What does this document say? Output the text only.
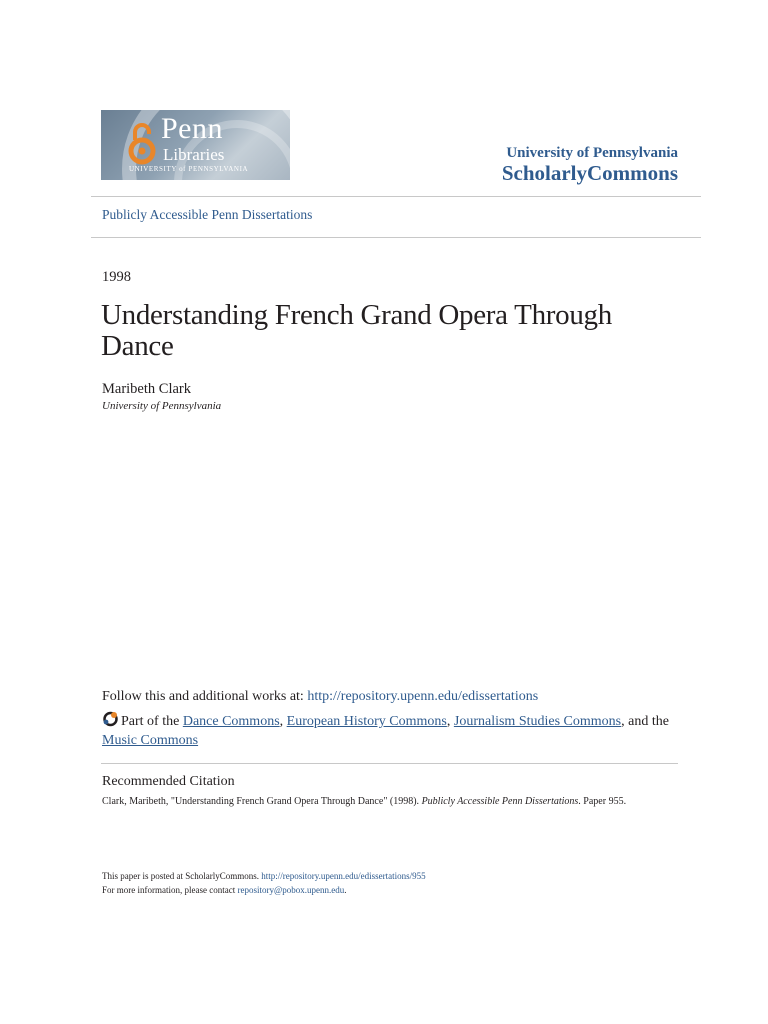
Penn
Libraries
UNIVERSITY of PENNSYLVANIA
University of Pennsylvania
ScholarlyCommons
Publicly Accessible Penn Dissertations
1998
Understanding French Grand Opera Through Dance
Maribeth Clark
University of Pennsylvania
Follow this and additional works at: http://repository.upenn.edu/edissertations
Part of the Dance Commons, European History Commons, Journalism Studies Commons, and the Music Commons
Recommended Citation
Clark, Maribeth, "Understanding French Grand Opera Through Dance" (1998). Publicly Accessible Penn Dissertations. Paper 955.
This paper is posted at ScholarlyCommons. http://repository.upenn.edu/edissertations/955
For more information, please contact repository@pobox.upenn.edu.
